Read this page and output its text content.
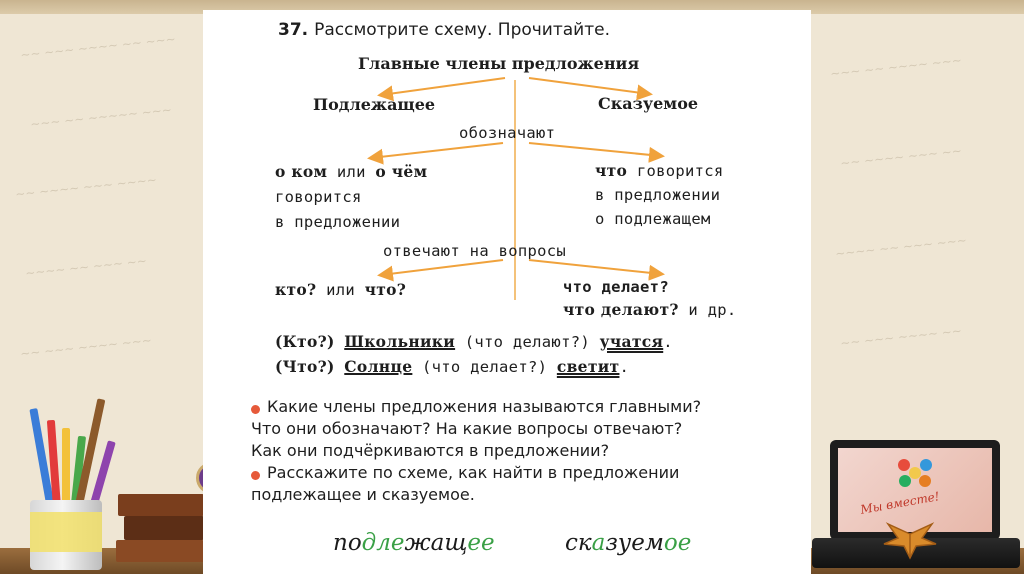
~~ ~~~ ~~~~ ~~ ~~~
~~~ ~~ ~~~~~ ~~~
~~ ~~~~ ~~~ ~~~~
~~~~ ~~ ~~~ ~~
~~ ~~~ ~~~~ ~~~
~~~ ~~ ~~~~ ~~~
~~ ~~~~ ~~~ ~~
~~~~ ~~ ~~~ ~~~
~~ ~~~ ~~~~ ~~
Мы вместе!
37. Рассмотрите схему. Прочитайте.
Главные члены предложения
Подлежащее	Сказуемое
обозначают
о ком или о чём
говорится
в предложении
что говорится
в предложении
о подлежащем
отвечают на вопросы
кто? или что?	что делает?
что делают? и др.
(Кто?) Школьники (что делают?) учатся.
(Что?) Солнце (что делает?) светит.
Какие члены предложения называются главными?
Что они обозначают? На какие вопросы отвечают?
Как они подчёркиваются в предложении?
Расскажите по схеме, как найти в предложении
подлежащее и сказуемое.
подлежащее	сказуемое
